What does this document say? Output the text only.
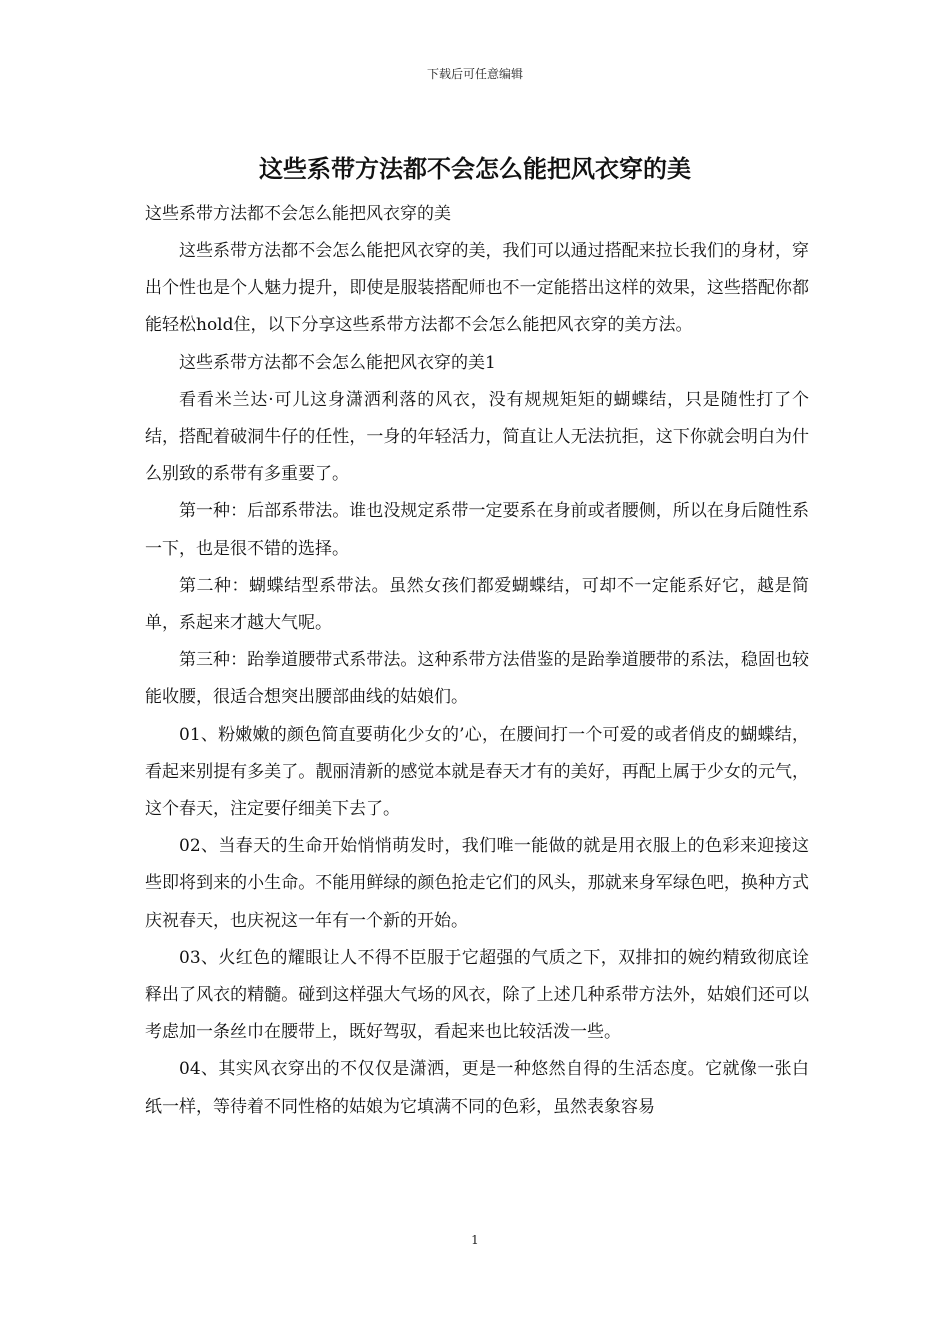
下载后可任意编辑
这些系带方法都不会怎么能把风衣穿的美

这些系带方法都不会怎么能把风衣穿的美

这些系带方法都不会怎么能把风衣穿的美，我们可以通过搭配来拉长我们的身材，穿出个性也是个人魅力提升，即使是服装搭配师也不一定能搭出这样的效果，这些搭配你都能轻松hold住，以下分享这些系带方法都不会怎么能把风衣穿的美方法。

这些系带方法都不会怎么能把风衣穿的美1

看看米兰达·可儿这身潇洒利落的风衣，没有规规矩矩的蝴蝶结，只是随性打了个结，搭配着破洞牛仔的任性，一身的年轻活力，简直让人无法抗拒，这下你就会明白为什么别致的系带有多重要了。

第一种：后部系带法。谁也没规定系带一定要系在身前或者腰侧，所以在身后随性系一下，也是很不错的选择。

第二种：蝴蝶结型系带法。虽然女孩们都爱蝴蝶结，可却不一定能系好它，越是简单，系起来才越大气呢。

第三种：跆拳道腰带式系带法。这种系带方法借鉴的是跆拳道腰带的系法，稳固也较能收腰，很适合想突出腰部曲线的姑娘们。

01、粉嫩嫩的颜色简直要萌化少女的’心，在腰间打一个可爱的或者俏皮的蝴蝶结，看起来别提有多美了。靓丽清新的感觉本就是春天才有的美好，再配上属于少女的元气，这个春天，注定要仔细美下去了。

02、当春天的生命开始悄悄萌发时，我们唯一能做的就是用衣服上的色彩来迎接这些即将到来的小生命。不能用鲜绿的颜色抢走它们的风头，那就来身军绿色吧，换种方式庆祝春天，也庆祝这一年有一个新的开始。

03、火红色的耀眼让人不得不臣服于它超强的气质之下，双排扣的婉约精致彻底诠释出了风衣的精髓。碰到这样强大气场的风衣，除了上述几种系带方法外，姑娘们还可以考虑加一条丝巾在腰带上，既好驾驭，看起来也比较活泼一些。

04、其实风衣穿出的不仅仅是潇洒，更是一种悠然自得的生活态度。它就像一张白纸一样，等待着不同性格的姑娘为它填满不同的色彩，虽然表象容易

1
